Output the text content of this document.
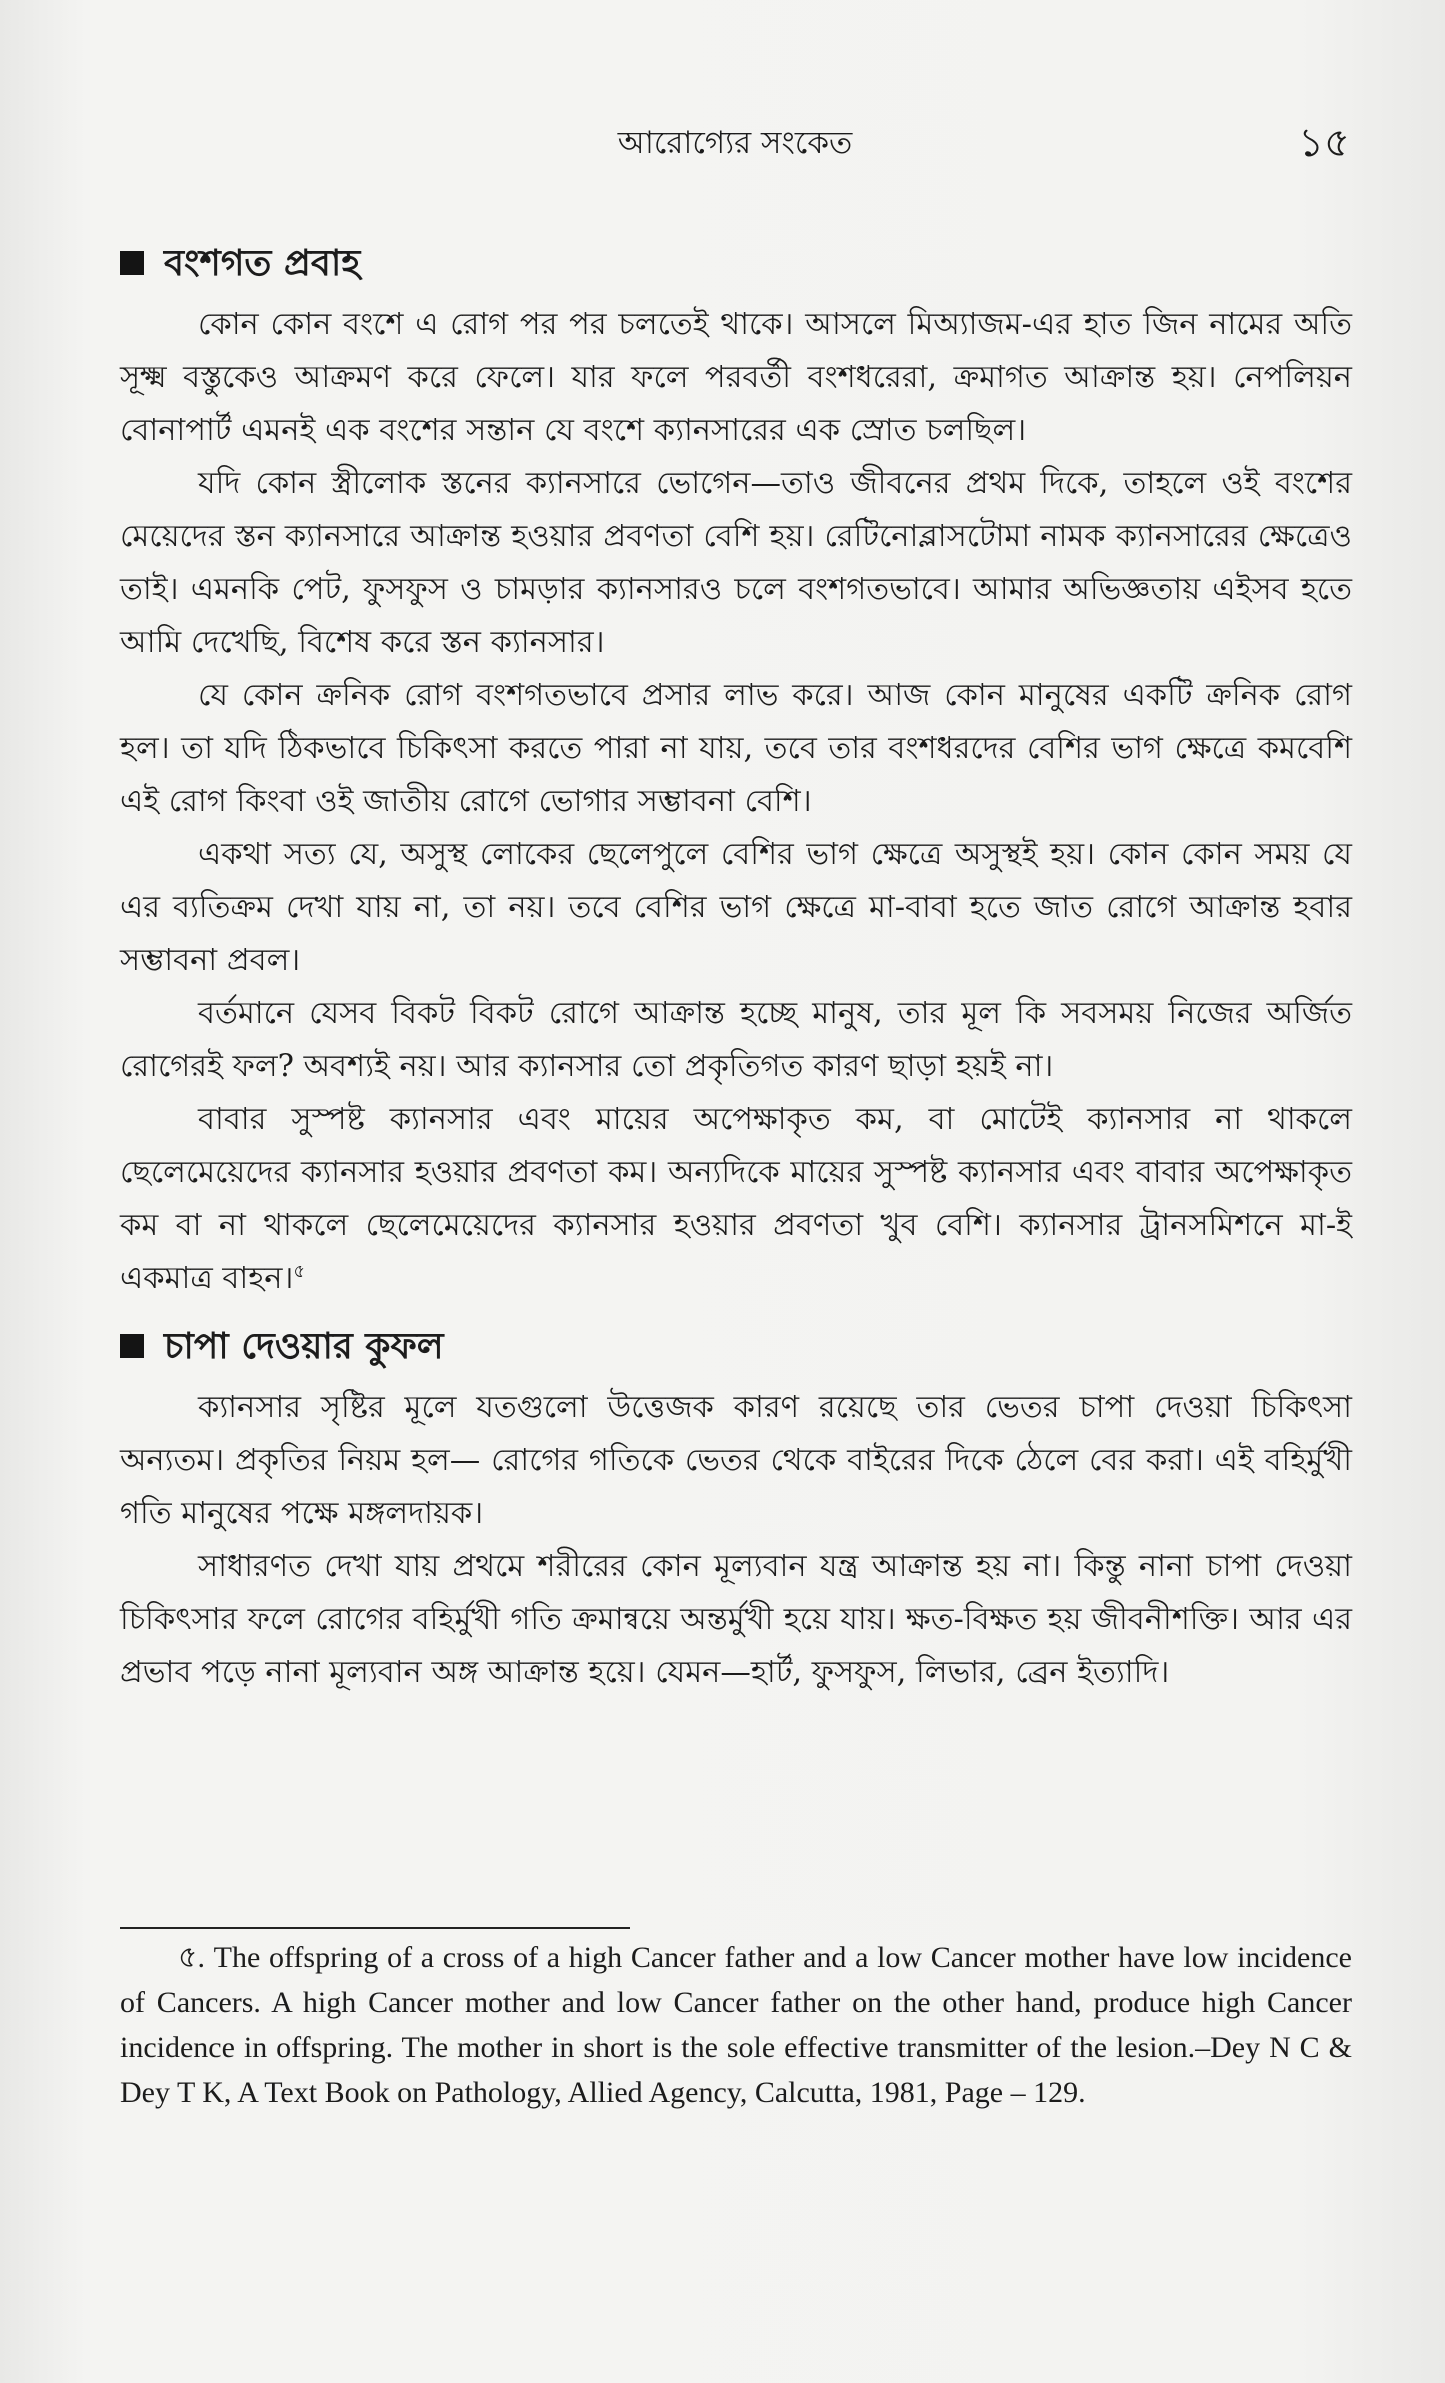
আরোগ্যের সংকেত	১৫
বংশগত প্রবাহ

কোন কোন বংশে এ রোগ পর পর চলতেই থাকে। আসলে মিঅ্যাজম-এর হাত জিন নামের অতি সূক্ষ্ম বস্তুকেও আক্রমণ করে ফেলে। যার ফলে পরবর্তী বংশধরেরা, ক্রমাগত আক্রান্ত হয়। নেপলিয়ন বোনাপার্ট এমনই এক বংশের সন্তান যে বংশে ক্যানসারের এক স্রোত চলছিল।

যদি কোন স্ত্রীলোক স্তনের ক্যানসারে ভোগেন—তাও জীবনের প্রথম দিকে, তাহলে ওই বংশের মেয়েদের স্তন ক্যানসারে আক্রান্ত হওয়ার প্রবণতা বেশি হয়। রেটিনোব্লাসটোমা নামক ক্যানসারের ক্ষেত্রেও তাই। এমনকি পেট, ফুসফুস ও চামড়ার ক্যানসারও চলে বংশগতভাবে। আমার অভিজ্ঞতায় এইসব হতে আমি দেখেছি, বিশেষ করে স্তন ক্যানসার।

যে কোন ক্রনিক রোগ বংশগতভাবে প্রসার লাভ করে। আজ কোন মানুষের একটি ক্রনিক রোগ হল। তা যদি ঠিকভাবে চিকিৎসা করতে পারা না যায়, তবে তার বংশধরদের বেশির ভাগ ক্ষেত্রে কমবেশি এই রোগ কিংবা ওই জাতীয় রোগে ভোগার সম্ভাবনা বেশি।

একথা সত্য যে, অসুস্থ লোকের ছেলেপুলে বেশির ভাগ ক্ষেত্রে অসুস্থই হয়। কোন কোন সময় যে এর ব্যতিক্রম দেখা যায় না, তা নয়। তবে বেশির ভাগ ক্ষেত্রে মা-বাবা হতে জাত রোগে আক্রান্ত হবার সম্ভাবনা প্রবল।

বর্তমানে যেসব বিকট বিকট রোগে আক্রান্ত হচ্ছে মানুষ, তার মূল কি সবসময় নিজের অর্জিত রোগেরই ফল? অবশ্যই নয়। আর ক্যানসার তো প্রকৃতিগত কারণ ছাড়া হয়ই না।

বাবার সুস্পষ্ট ক্যানসার এবং মায়ের অপেক্ষাকৃত কম, বা মোটেই ক্যানসার না থাকলে ছেলেমেয়েদের ক্যানসার হওয়ার প্রবণতা কম। অন্যদিকে মায়ের সুস্পষ্ট ক্যানসার এবং বাবার অপেক্ষাকৃত কম বা না থাকলে ছেলেমেয়েদের ক্যানসার হওয়ার প্রবণতা খুব বেশি। ক্যানসার ট্রানসমিশনে মা-ই একমাত্র বাহন।$^৫$

চাপা দেওয়ার কুফল

ক্যানসার সৃষ্টির মূলে যতগুলো উত্তেজক কারণ রয়েছে তার ভেতর চাপা দেওয়া চিকিৎসা অন্যতম। প্রকৃতির নিয়ম হল— রোগের গতিকে ভেতর থেকে বাইরের দিকে ঠেলে বের করা। এই বহির্মুখী গতি মানুষের পক্ষে মঙ্গলদায়ক।

সাধারণত দেখা যায় প্রথমে শরীরের কোন মূল্যবান যন্ত্র আক্রান্ত হয় না। কিন্তু নানা চাপা দেওয়া চিকিৎসার ফলে রোগের বহির্মুখী গতি ক্রমান্বয়ে অন্তর্মুখী হয়ে যায়। ক্ষত-বিক্ষত হয় জীবনীশক্তি। আর এর প্রভাব পড়ে নানা মূল্যবান অঙ্গ আক্রান্ত হয়ে। যেমন—হার্ট, ফুসফুস, লিভার, ব্রেন ইত্যাদি।

৫. The offspring of a cross of a high Cancer father and a low Cancer mother have low incidence of Cancers. A high Cancer mother and low Cancer father on the other hand, produce high Cancer incidence in offspring. The mother in short is the sole effective transmitter of the lesion.–Dey N C & Dey T K, A Text Book on Pathology, Allied Agency, Calcutta, 1981, Page – 129.
